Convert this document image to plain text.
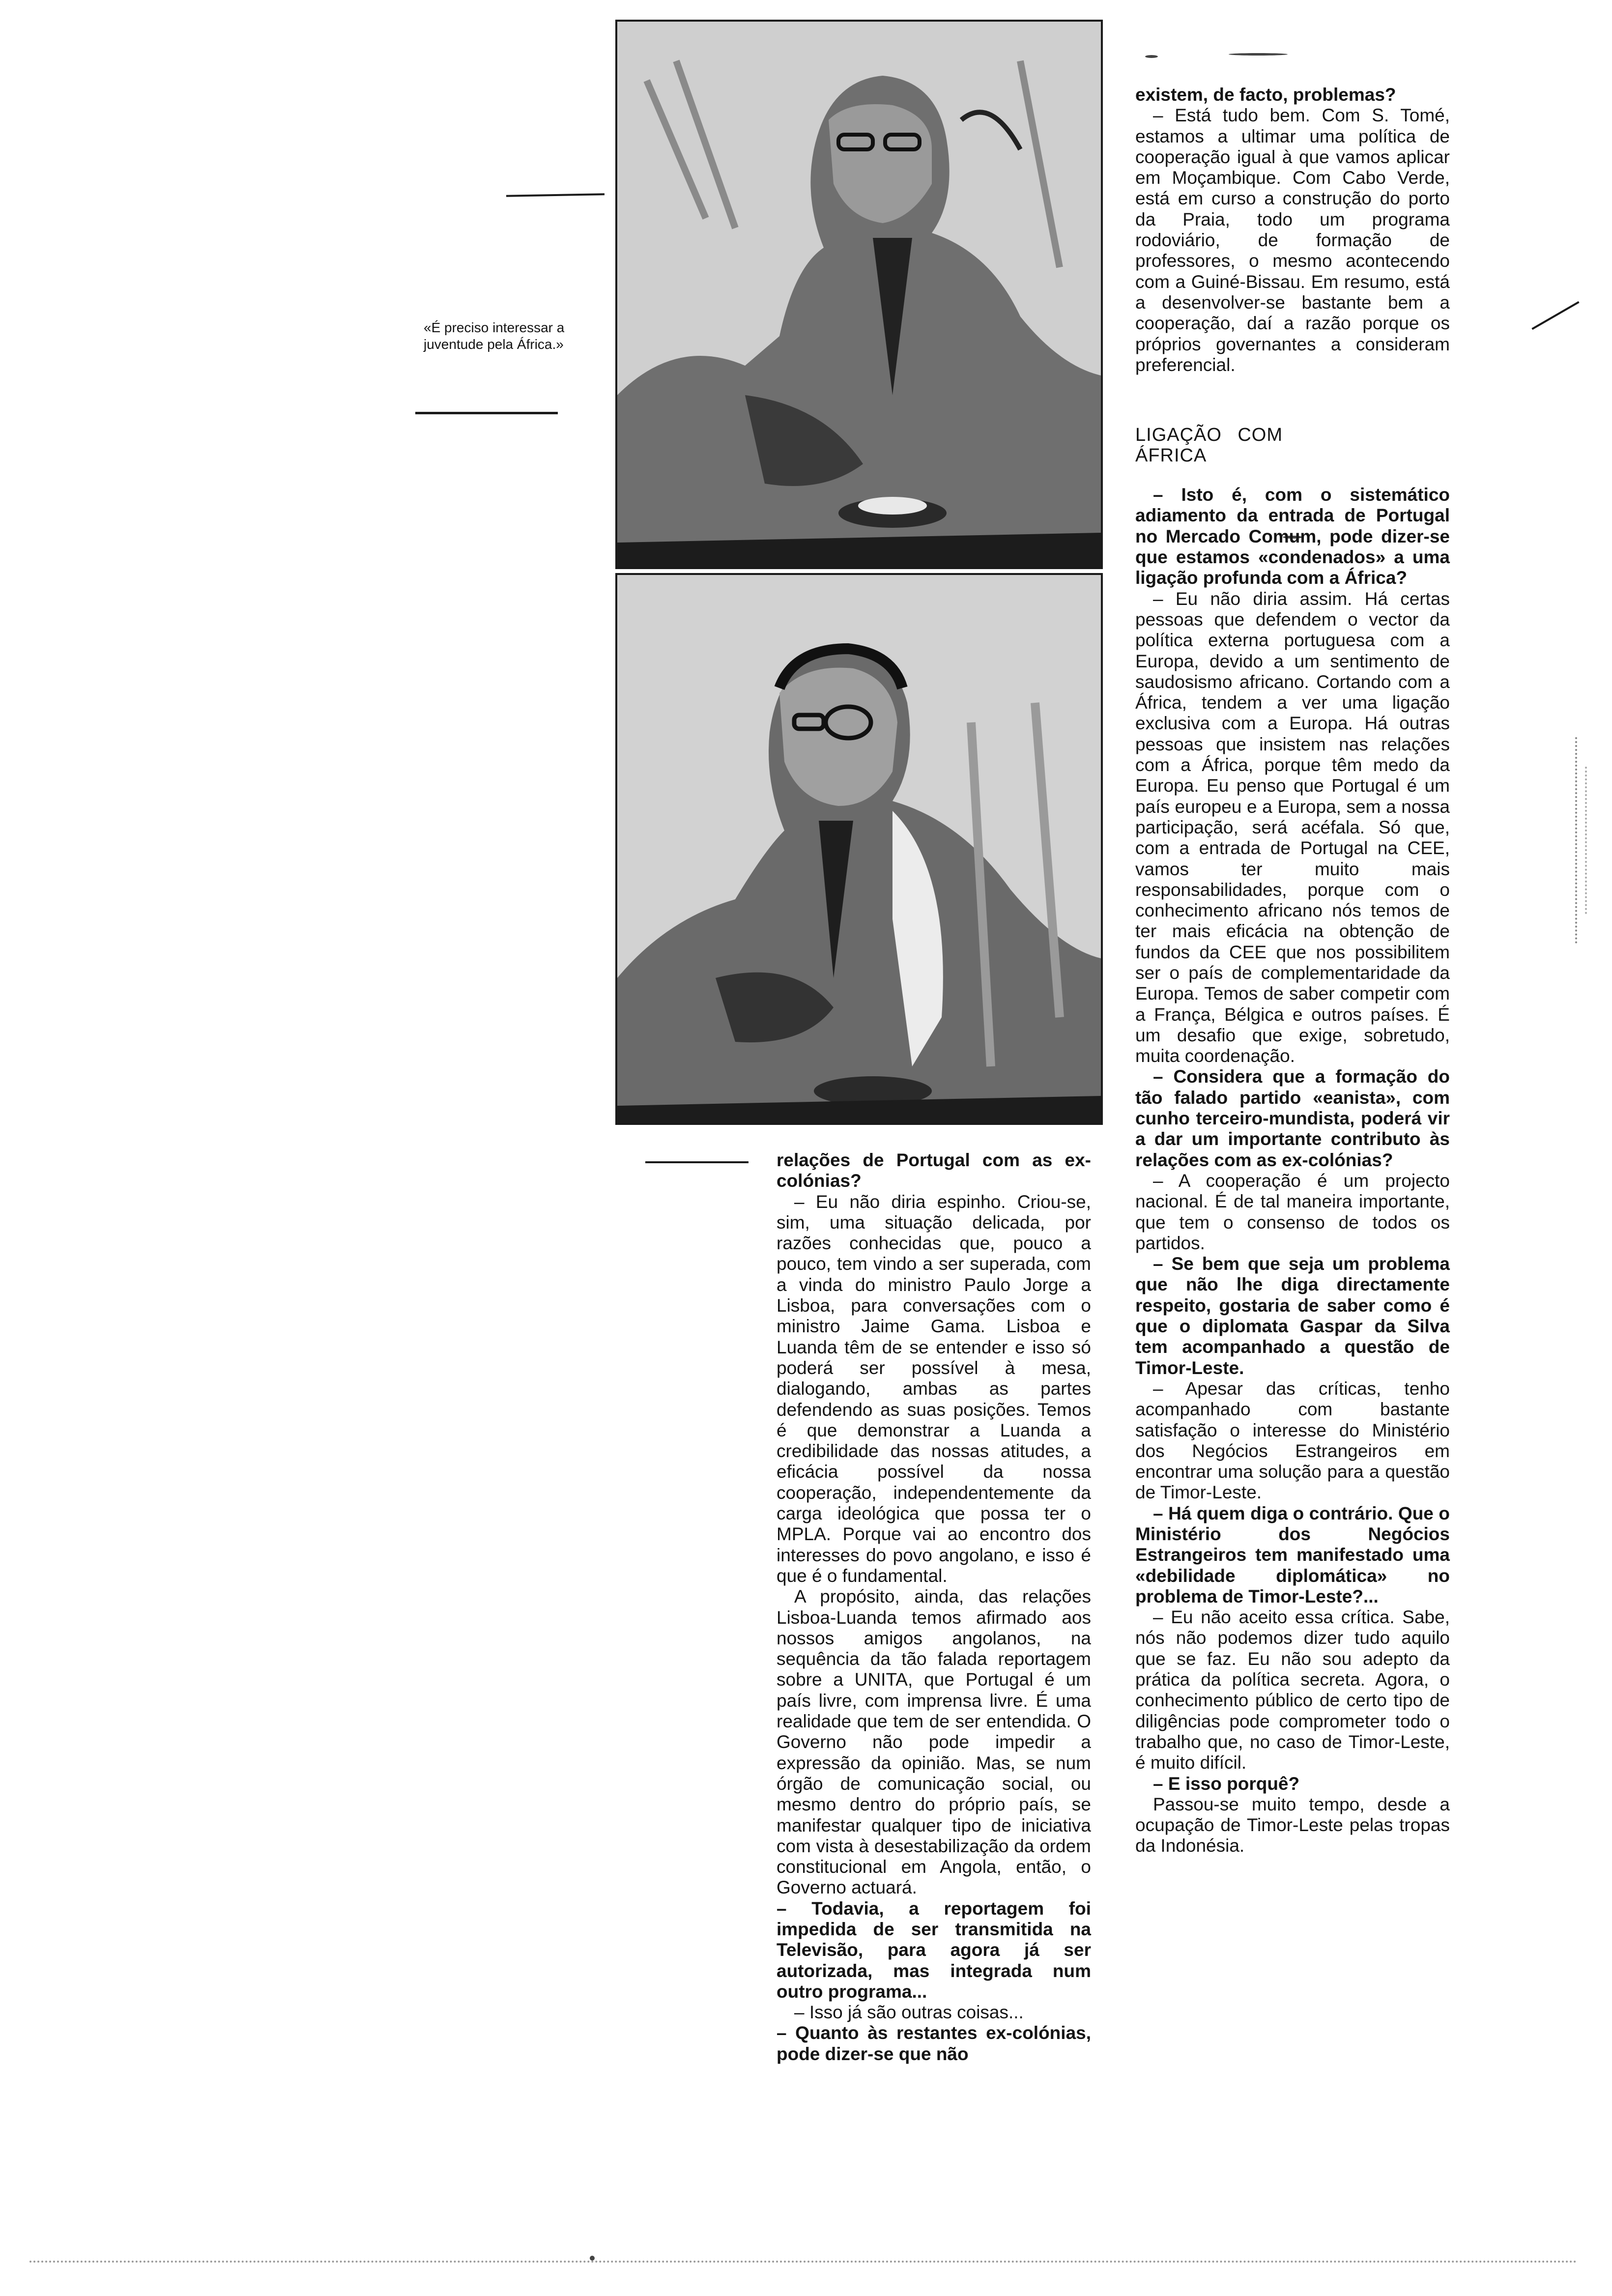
«É preciso interessar a juventude pela África.»

relações de Portugal com as ex-colónias?

– Eu não diria espinho. Criou-se, sim, uma situação delicada, por razões conhecidas que, pouco a pouco, tem vindo a ser superada, com a vinda do ministro Paulo Jorge a Lisboa, para conversações com o ministro Jaime Gama. Lisboa e Luanda têm de se entender e isso só poderá ser possível à mesa, dialogando, ambas as partes defendendo as suas posições. Temos é que demonstrar a Luanda a credibilidade das nossas atitudes, a eficácia possível da nossa cooperação, independentemente da carga ideológica que possa ter o MPLA. Porque vai ao encontro dos interesses do povo angolano, e isso é que é o fundamental.

A propósito, ainda, das relações Lisboa-Luanda temos afirmado aos nossos amigos angolanos, na sequência da tão falada reportagem sobre a UNITA, que Portugal é um país livre, com imprensa livre. É uma realidade que tem de ser entendida. O Governo não pode impedir a expressão da opinião. Mas, se num órgão de comunicação social, ou mesmo dentro do próprio país, se manifestar qualquer tipo de iniciativa com vista à desestabilização da ordem constitucional em Angola, então, o Governo actuará.

– Todavia, a reportagem foi impedida de ser transmitida na Televisão, para agora já ser autorizada, mas integrada num outro programa...

– Isso já são outras coisas...

– Quanto às restantes ex-colónias, pode dizer-se que não

existem, de facto, problemas?

– Está tudo bem. Com S. Tomé, estamos a ultimar uma política de cooperação igual à que vamos aplicar em Moçambique. Com Cabo Verde, está em curso a construção do porto da Praia, todo um programa rodoviário, de formação de professores, o mesmo acontecendo com a Guiné-Bissau. Em resumo, está a desenvolver-se bastante bem a cooperação, daí a razão porque os próprios governantes a consideram preferencial.

LIGAÇÃO COM ÁFRICA

– Isto é, com o sistemático adiamento da entrada de Portugal no Mercado Comum, pode dizer-se que estamos «condenados» a uma ligação profunda com a África?

– Eu não diria assim. Há certas pessoas que defendem o vector da política externa portuguesa com a Europa, devido a um sentimento de saudosismo africano. Cortando com a África, tendem a ver uma ligação exclusiva com a Europa. Há outras pessoas que insistem nas relações com a África, porque têm medo da Europa. Eu penso que Portugal é um país europeu e a Europa, sem a nossa participação, será acéfala. Só que, com a entrada de Portugal na CEE, vamos ter muito mais responsabilidades, porque com o conhecimento africano nós temos de ter mais eficácia na obtenção de fundos da CEE que nos possibilitem ser o país de complementaridade da Europa. Temos de saber competir com a França, Bélgica e outros países. É um desafio que exige, sobretudo, muita coordenação.

– Considera que a formação do tão falado partido «eanista», com cunho terceiro-mundista, poderá vir a dar um importante contributo às relações com as ex-colónias?

– A cooperação é um projecto nacional. É de tal maneira importante, que tem o consenso de todos os partidos.

– Se bem que seja um problema que não lhe diga directamente respeito, gostaria de saber como é que o diplomata Gaspar da Silva tem acompanhado a questão de Timor-Leste.

– Apesar das críticas, tenho acompanhado com bastante satisfação o interesse do Ministério dos Negócios Estrangeiros em encontrar uma solução para a questão de Timor-Leste.

– Há quem diga o contrário. Que o Ministério dos Negócios Estrangeiros tem manifestado uma «debilidade diplomática» no problema de Timor-Leste?...

– Eu não aceito essa crítica. Sabe, nós não podemos dizer tudo aquilo que se faz. Eu não sou adepto da prática da política secreta. Agora, o conhecimento público de certo tipo de diligências pode comprometer todo o trabalho que, no caso de Timor-Leste, é muito difícil.

– E isso porquê?

Passou-se muito tempo, desde a ocupação de Timor-Leste pelas tropas da Indonésia.
